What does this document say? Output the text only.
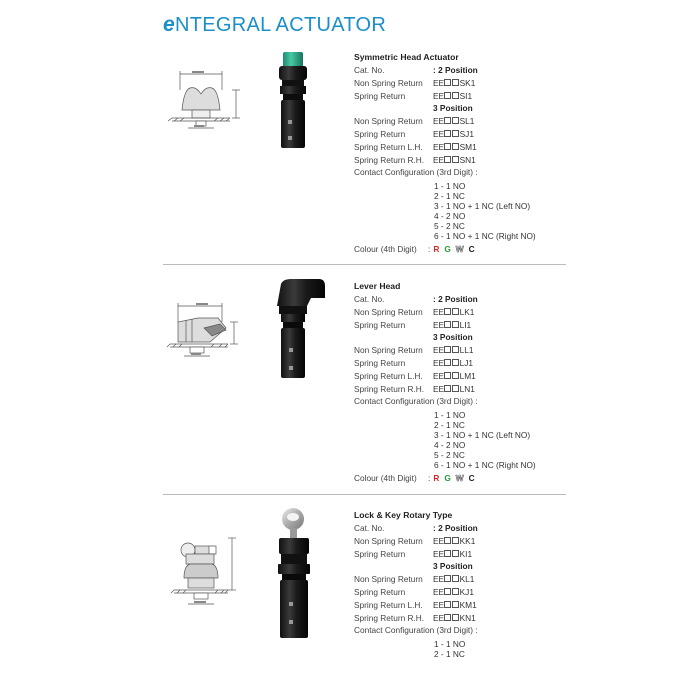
eNTEGRAL ACTUATOR
Symmetric Head Actuator
Cat. No.	: 2 Position
Non Spring Return	EE SK1
Spring Return	EE SI1
3 Position
Non Spring Return	EE SL1
Spring Return	EE SJ1
Spring Return L.H.	EE SM1
Spring Return R.H.	EE SN1
Contact Configuration (3rd Digit) :
1 - 1 NO
2 - 1 NC
3 - 1 NO + 1 NC (Left NO)
4 - 2 NO
5 - 2 NC
6 - 1 NO + 1 NC (Right NO)
Colour (4th Digit)	: R G W C
Lever Head
Cat. No.	: 2 Position
Non Spring Return	EE LK1
Spring Return	EE LI1
3 Position
Non Spring Return	EE LL1
Spring Return	EE LJ1
Spring Return L.H.	EE LM1
Spring Return R.H.	EE LN1
Contact Configuration (3rd Digit) :
1 - 1 NO
2 - 1 NC
3 - 1 NO + 1 NC (Left NO)
4 - 2 NO
5 - 2 NC
6 - 1 NO + 1 NC (Right NO)
Colour (4th Digit)	: R G W C
Lock & Key Rotary Type
Cat. No.	: 2 Position
Non Spring Return	EE KK1
Spring Return	EE KI1
3 Position
Non Spring Return	EE KL1
Spring Return	EE KJ1
Spring Return L.H.	EE KM1
Spring Return R.H.	EE KN1
Contact Configuration (3rd Digit) :
1 - 1 NO
2 - 1 NC
